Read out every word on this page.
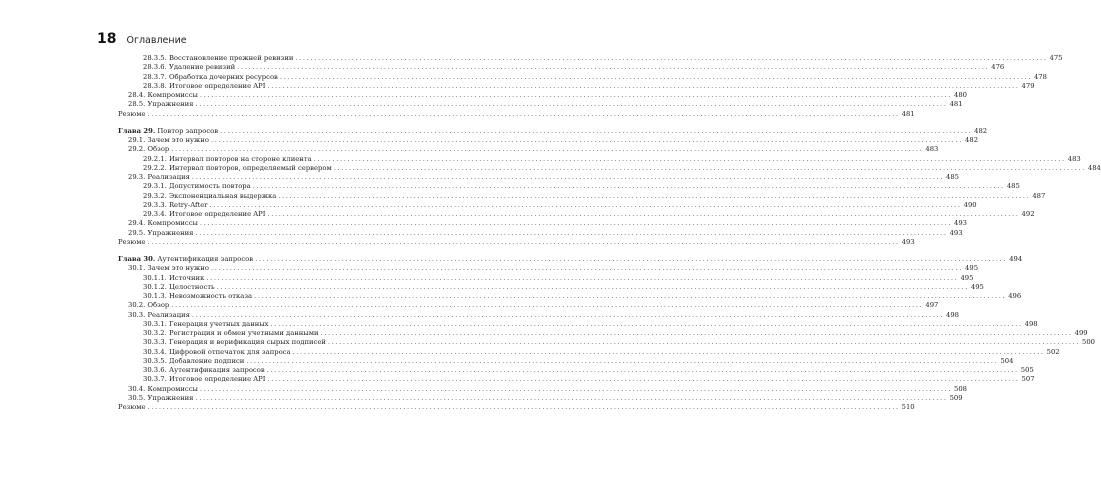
18 Оглавление
28.3.5. Восстановление прежней ревизии ........................................................................................................................................................................................................ 475
28.3.6. Удаление ревизий ........................................................................................................................................................................................................ 476
28.3.7. Обработка дочерних ресурсов ........................................................................................................................................................................................................ 478
28.3.8. Итоговое определение API ........................................................................................................................................................................................................ 479
28.4. Компромиссы ........................................................................................................................................................................................................ 480
28.5. Упражнения ........................................................................................................................................................................................................ 481
Резюме ........................................................................................................................................................................................................ 481
Глава 29. Повтор запросов ........................................................................................................................................................................................................ 482
29.1. Зачем это нужно ........................................................................................................................................................................................................ 482
29.2. Обзор ........................................................................................................................................................................................................ 483
29.2.1. Интервал повторов на стороне клиента ........................................................................................................................................................................................................ 483
29.2.2. Интервал повторов, определяемый сервером ........................................................................................................................................................................................................ 484
29.3. Реализация ........................................................................................................................................................................................................ 485
29.3.1. Допустимость повтора ........................................................................................................................................................................................................ 485
29.3.2. Экспоненциальная выдержка ........................................................................................................................................................................................................ 487
29.3.3. Retry-After ........................................................................................................................................................................................................ 490
29.3.4. Итоговое определение API ........................................................................................................................................................................................................ 492
29.4. Компромиссы ........................................................................................................................................................................................................ 493
29.5. Упражнения ........................................................................................................................................................................................................ 493
Резюме ........................................................................................................................................................................................................ 493
Глава 30. Аутентификация запросов ........................................................................................................................................................................................................ 494
30.1. Зачем это нужно ........................................................................................................................................................................................................ 495
30.1.1. Источник ........................................................................................................................................................................................................ 495
30.1.2. Целостность ........................................................................................................................................................................................................ 495
30.1.3. Невозможность отказа ........................................................................................................................................................................................................ 496
30.2. Обзор ........................................................................................................................................................................................................ 497
30.3. Реализация ........................................................................................................................................................................................................ 498
30.3.1. Генерация учетных данных ........................................................................................................................................................................................................ 498
30.3.2. Регистрация и обмен учетными данными ........................................................................................................................................................................................................ 499
30.3.3. Генерация и верификация сырых подписей ........................................................................................................................................................................................................ 500
30.3.4. Цифровой отпечаток для запроса ........................................................................................................................................................................................................ 502
30.3.5. Добавление подписи ........................................................................................................................................................................................................ 504
30.3.6. Аутентификация запросов ........................................................................................................................................................................................................ 505
30.3.7. Итоговое определение API ........................................................................................................................................................................................................ 507
30.4. Компромиссы ........................................................................................................................................................................................................ 508
30.5. Упражнения ........................................................................................................................................................................................................ 509
Резюме ........................................................................................................................................................................................................ 510
